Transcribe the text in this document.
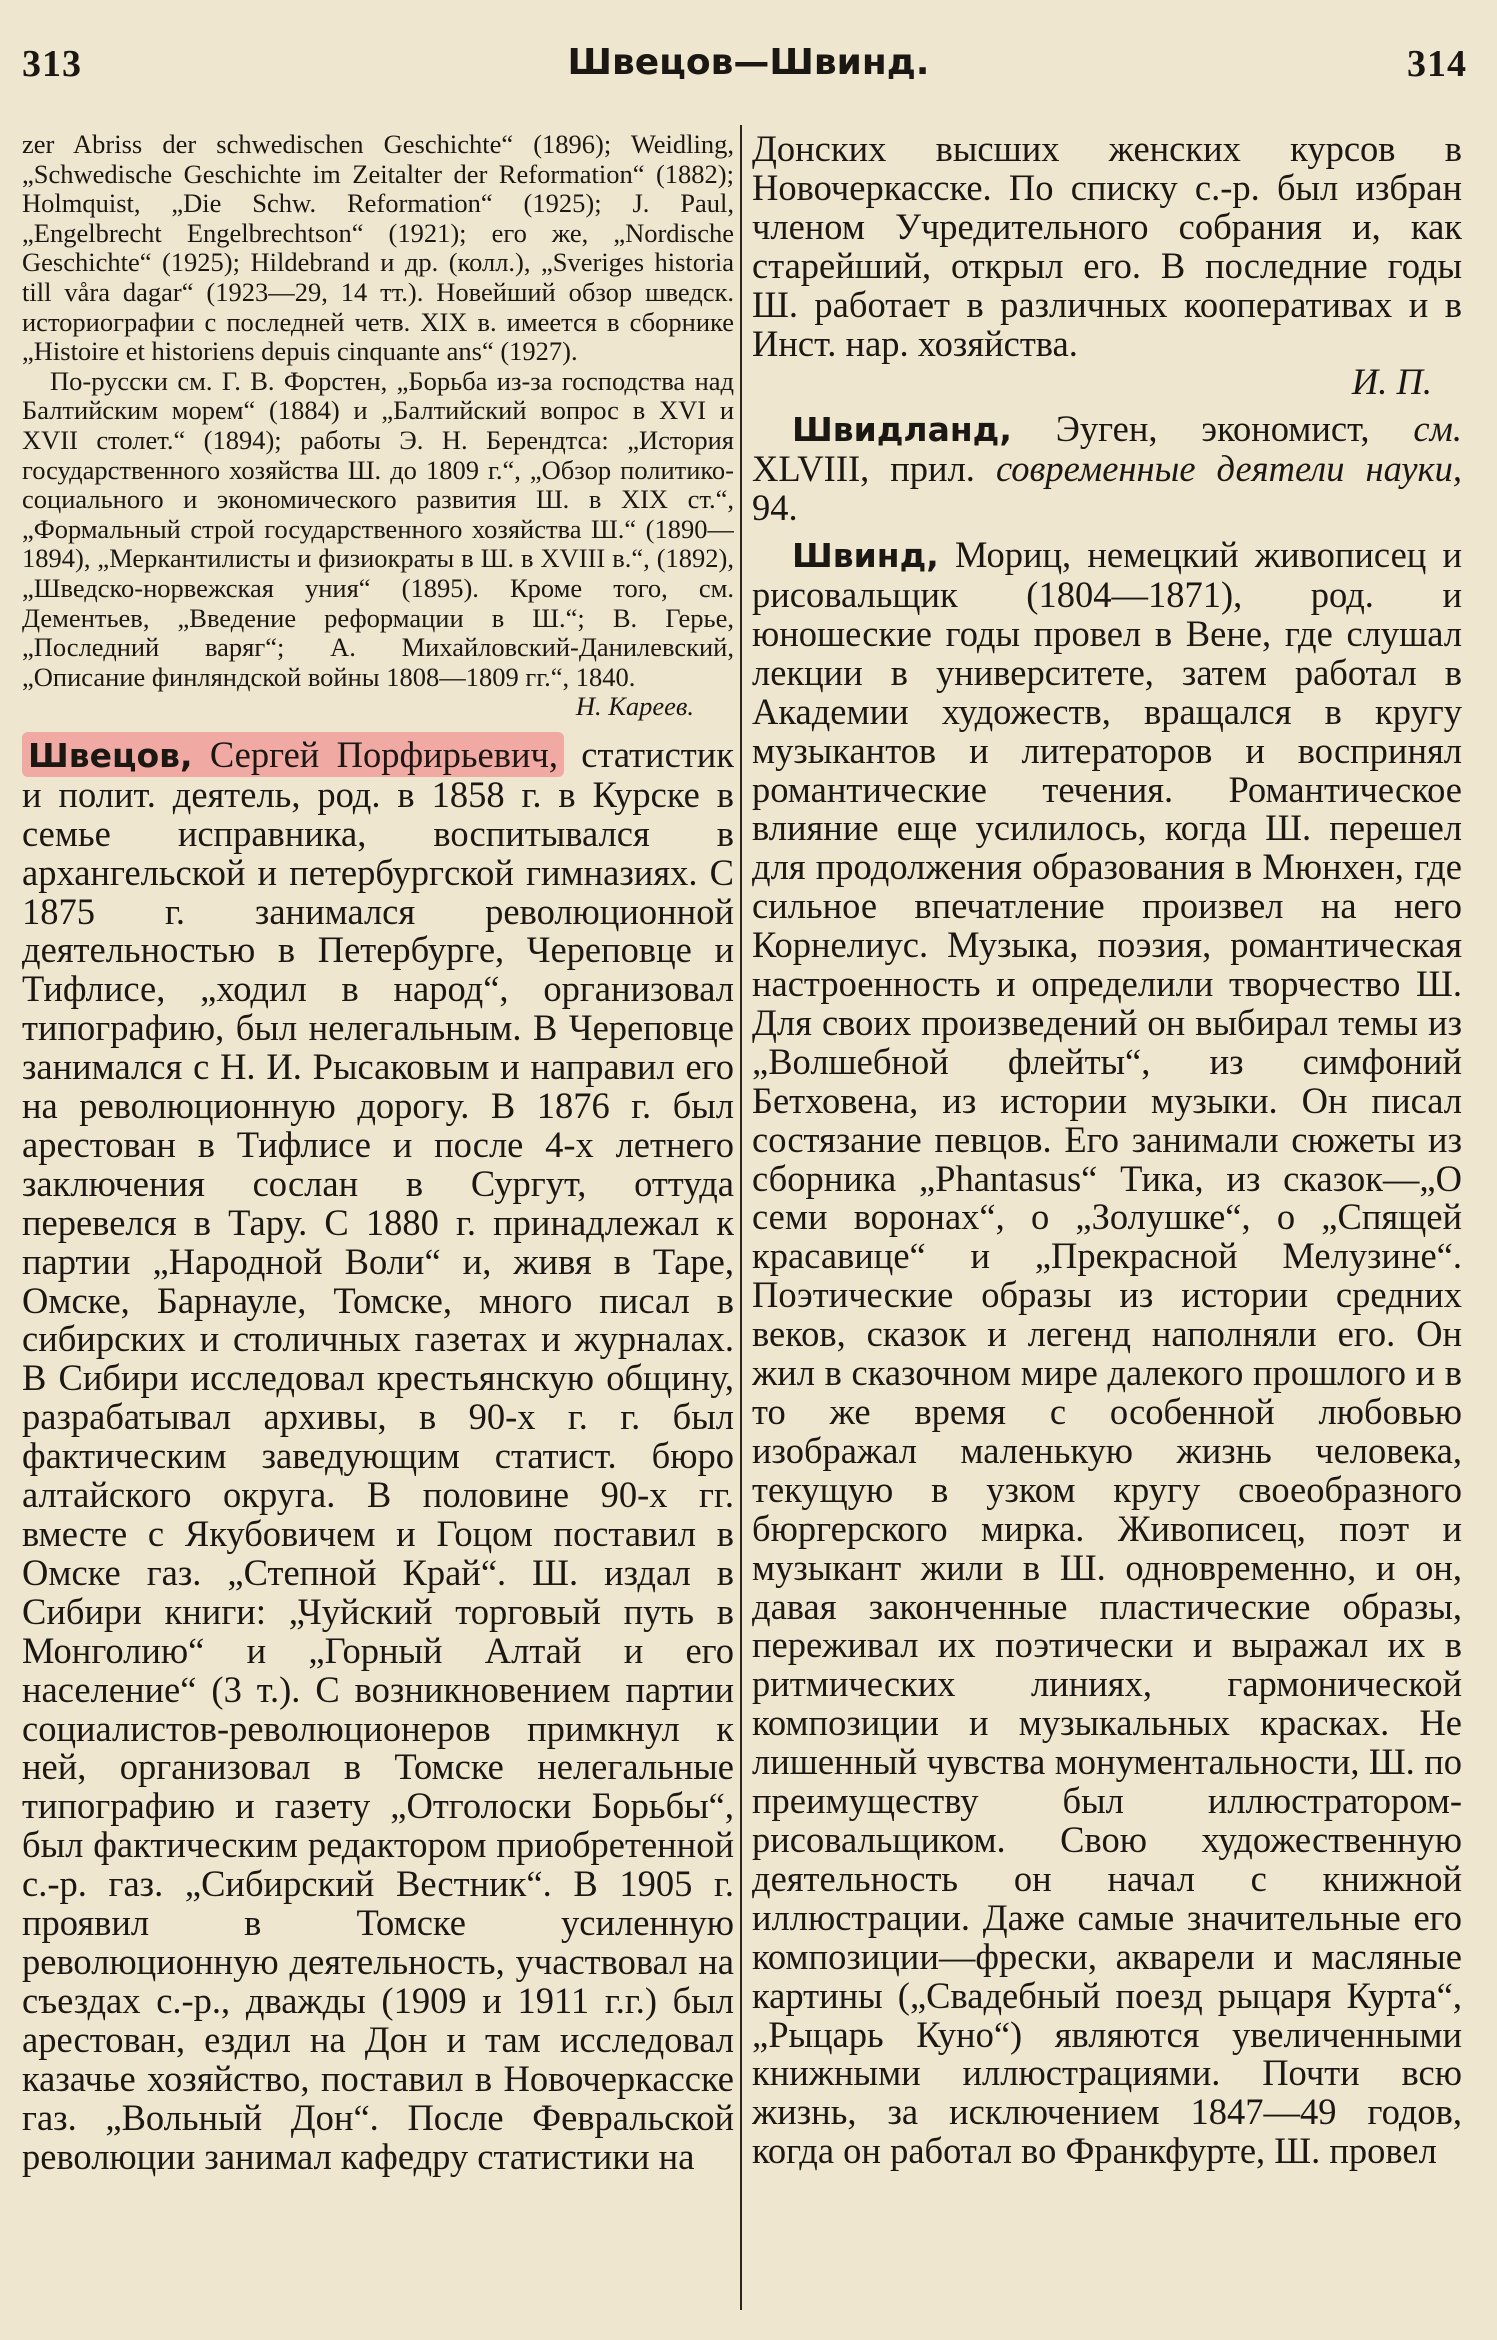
313	Швецов—Швинд.	314

zer Abriss der schwedischen Geschichte“ (1896); Weidling, „Schwedische Geschichte im Zeitalter der Reformation“ (1882); Holmquist, „Die Schw. Reformation“ (1925); J. Paul, „Engelbrecht Engelbrechtson“ (1921); его же, „Nordische Geschichte“ (1925); Hildebrand и др. (колл.), „Sveriges historia till våra dagar“ (1923—29, 14 тт.). Новейший обзор шведск. историографии с последней четв. XIX в. имеется в сборнике „Histoire et historiens depuis cinquante ans“ (1927).

По-русски см. Г. В. Форстен, „Борьба из-за господства над Балтийским морем“ (1884) и „Балтийский вопрос в XVI и XVII столет.“ (1894); работы Э. Н. Берендтса: „История государственного хозяйства Ш. до 1809 г.“, „Обзор политико-социального и экономического развития Ш. в XIX ст.“, „Формальный строй государственного хозяйства Ш.“ (1890—1894), „Меркантилисты и физиократы в Ш. в XVIII в.“, (1892), „Шведско-норвежская уния“ (1895). Кроме того, см. Дементьев, „Введение реформации в Ш.“; В. Герье, „Последний варяг“; А. Михайловский-Данилевский, „Описание финляндской войны 1808—1809 гг.“, 1840.

Н. Кареев.

Швецов, Сергей Порфирьевич, статистик и полит. деятель, род. в 1858 г. в Курске в семье исправника, воспитывался в архангельской и петербургской гимназиях. С 1875 г. занимался революционной деятельностью в Петербурге, Череповце и Тифлисе, „ходил в народ“, организовал типографию, был нелегальным. В Череповце занимался с Н. И. Рысаковым и направил его на революционную дорогу. В 1876 г. был арестован в Тифлисе и после 4-х летнего заключения сослан в Сургут, оттуда перевелся в Тару. С 1880 г. принадлежал к партии „Народной Воли“ и, живя в Таре, Омске, Барнауле, Томске, много писал в сибирских и столичных газетах и журналах. В Сибири исследовал крестьянскую общину, разрабатывал архивы, в 90-х г. г. был фактическим заведующим статист. бюро алтайского округа. В половине 90-х гг. вместе с Якубовичем и Гоцом поставил в Омске газ. „Степной Край“. Ш. издал в Сибири книги: „Чуйский торговый путь в Монголию“ и „Горный Алтай и его население“ (3 т.). С возникновением партии социалистов-революционеров примкнул к ней, организовал в Томске нелегальные типографию и газету „Отголоски Борьбы“, был фактическим редактором приобретенной с.-р. газ. „Сибирский Вестник“. В 1905 г. проявил в Томске усиленную революционную деятельность, участвовал на съездах с.-р., дважды (1909 и 1911 г.г.) был арестован, ездил на Дон и там исследовал казачье хозяйство, поставил в Новочеркасске газ. „Вольный Дон“. После Февральской революции занимал кафедру статистики на

Донских высших женских курсов в Новочеркасске. По списку с.-р. был избран членом Учредительного собрания и, как старейший, открыл его. В последние годы Ш. работает в различных кооперативах и в Инст. нар. хозяйства.

И. П.

Швидланд, Эуген, экономист, см. XLVIII, прил. современные деятели науки, 94.

Швинд, Мориц, немецкий живописец и рисовальщик (1804—1871), род. и юношеские годы провел в Вене, где слушал лекции в университете, затем работал в Академии художеств, вращался в кругу музыкантов и литераторов и воспринял романтические течения. Романтическое влияние еще усилилось, когда Ш. перешел для продолжения образования в Мюнхен, где сильное впечатление произвел на него Корнелиус. Музыка, поэзия, романтическая настроенность и определили творчество Ш. Для своих произведений он выбирал темы из „Волшебной флейты“, из симфоний Бетховена, из истории музыки. Он писал состязание певцов. Его занимали сюжеты из сборника „Phantasus“ Тика, из сказок—„О семи воронах“, о „Золушке“, о „Спящей красавице“ и „Прекрасной Мелузине“. Поэтические образы из истории средних веков, сказок и легенд наполняли его. Он жил в сказочном мире далекого прошлого и в то же время с особенной любовью изображал маленькую жизнь человека, текущую в узком кругу своеобразного бюргерского мирка. Живописец, поэт и музыкант жили в Ш. одновременно, и он, давая законченные пластические образы, переживал их поэтически и выражал их в ритмических линиях, гармонической композиции и музыкальных красках. Не лишенный чувства монументальности, Ш. по преимуществу был иллюстратором-рисовальщиком. Свою художественную деятельность он начал с книжной иллюстрации. Даже самые значительные его композиции—фрески, акварели и масляные картины („Свадебный поезд рыцаря Курта“, „Рыцарь Куно“) являются увеличенными книжными иллюстрациями. Почти всю жизнь, за исключением 1847—49 годов, когда он работал во Франкфурте, Ш. провел
